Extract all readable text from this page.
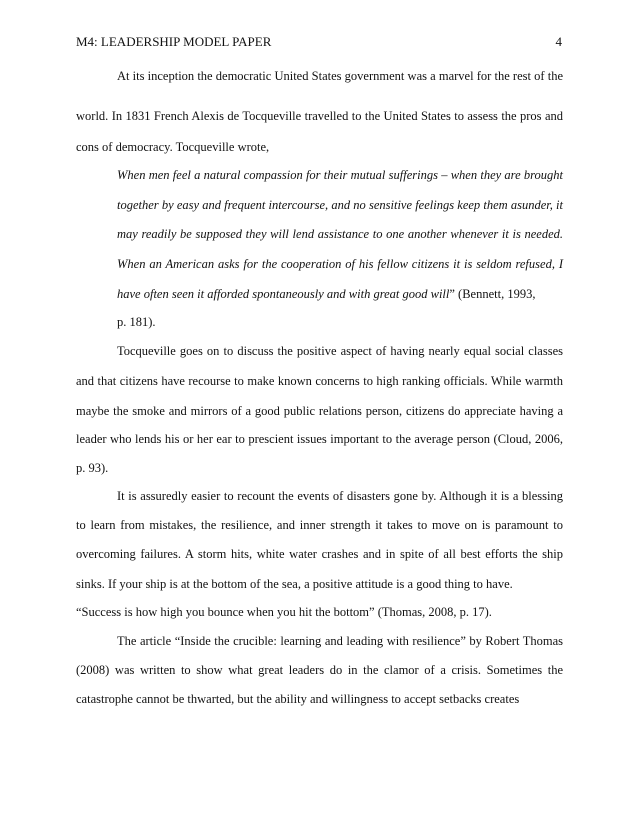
M4: LEADERSHIP MODEL PAPER	4
At its inception the democratic United States government was a marvel for the rest of the
world. In 1831 French Alexis de Tocqueville travelled to the United States to assess the pros and
cons of democracy. Tocqueville wrote,
When men feel a natural compassion for their mutual sufferings – when they are brought
together by easy and frequent intercourse, and no sensitive feelings keep them asunder, it
may readily be supposed they will lend assistance to one another whenever it is needed.
When an American asks for the cooperation of his fellow citizens it is seldom refused, I
have often seen it afforded spontaneously and with great good will” (Bennett, 1993,
p. 181).
Tocqueville goes on to discuss the positive aspect of having nearly equal social classes
and that citizens have recourse to make known concerns to high ranking officials. While warmth
maybe the smoke and mirrors of a good public relations person, citizens do appreciate having a
leader who lends his or her ear to prescient issues important to the average person (Cloud, 2006,
p. 93).
It is assuredly easier to recount the events of disasters gone by. Although it is a blessing
to learn from mistakes, the resilience, and inner strength it takes to move on is paramount to
overcoming failures. A storm hits, white water crashes and in spite of all best efforts the ship
sinks. If your ship is at the bottom of the sea, a positive attitude is a good thing to have.
“Success is how high you bounce when you hit the bottom” (Thomas, 2008, p. 17).
The article “Inside the crucible: learning and leading with resilience” by Robert Thomas
(2008) was written to show what great leaders do in the clamor of a crisis. Sometimes the
catastrophe cannot be thwarted, but the ability and willingness to accept setbacks creates
